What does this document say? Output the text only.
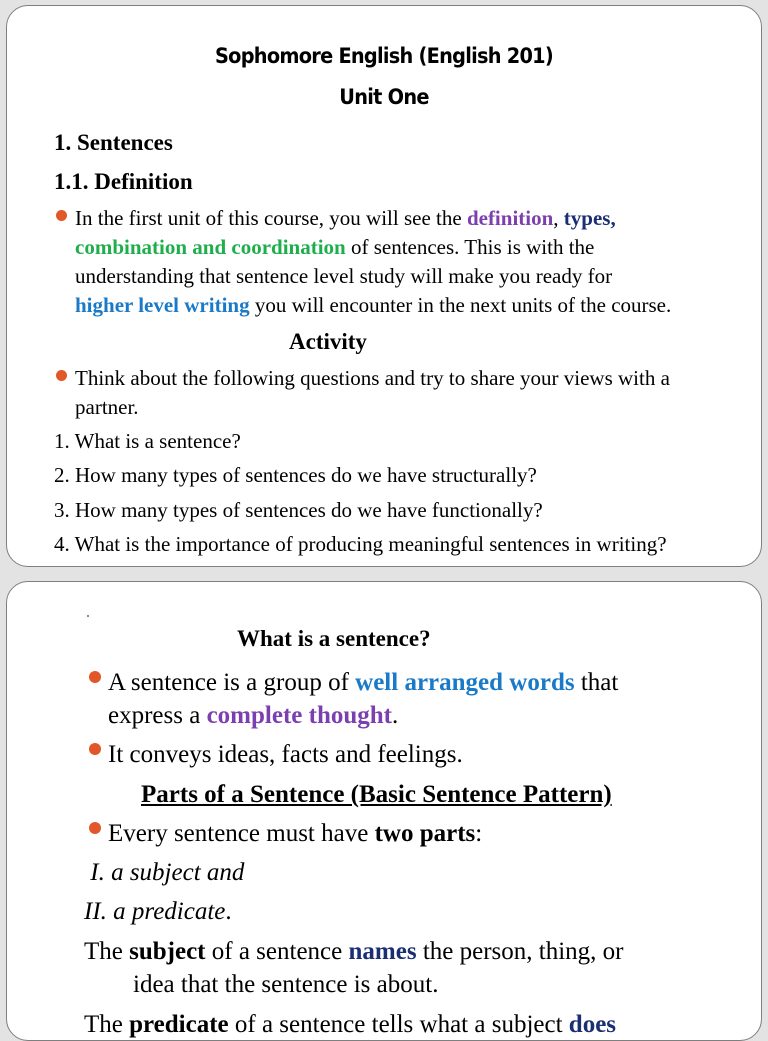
Sophomore English (English 201)
Unit One
1. Sentences
1.1. Definition
In the first unit of this course, you will see the definition, types,
combination and coordination of sentences. This is with the
understanding that sentence level study will make you ready for
higher level writing you will encounter in the next units of the course.
Activity
Think about the following questions and try to share your views with a
partner.
1. What is a sentence?
2. How many types of sentences do we have structurally?
3. How many types of sentences do we have functionally?
4. What is the importance of producing meaningful sentences in writing?
What is a sentence?
A sentence is a group of well arranged words that
express a complete thought.
It conveys ideas, facts and feelings.
Parts of a Sentence (Basic Sentence Pattern)
Every sentence must have two parts:
I. a subject and
II. a predicate.
The subject of a sentence names the person, thing, or
idea that the sentence is about.
The predicate of a sentence tells what a subject does
